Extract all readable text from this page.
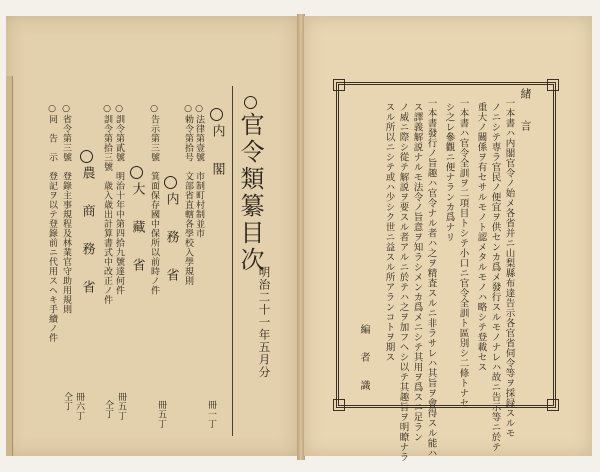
官令類纂目次
明治二十一年五月分
内　閣
○法律第壹號　市制町村制並市
○勅令第拾号　文部省直轄各學校入學規則
冊一丁
内　務　省
○告示第三號　箕面保存國中保所以前時ノ件
冊五丁
大　藏　省
○訓令第貳號　明治十年中第四拾九號達何件
○訓令第拾三號　歳入歳出計算書式中改正ノ件
冊五丁
仝丁
農　商　務　省
○省令第三號　登錄主事規程及林業官守助用規則
○同　告　示　登記ヲ以テ登錄前ニ代用スヘキ手續ノ件
冊六丁
仝丁
緒　言
一本書ハ内閣官令ノ始メ各省并ニ山梨縣布達告示各官省伺令等ヲ採録スルモ
ノニシテ専ラ官民ノ便宜ヲ供センカ爲メ發行スルモノナレハ故ニ告示等ニ於テ
重大ノ關係ヲ有セサルモノト認メタルモノハ略シテ登載セス
一本書ハ官令全訓ヲ二項目トシテ小口ニ官令全訓ト區別シ二條トナセ
シ之レ參觀ニ便ナランカ爲ナリ
一本書發行ノ旨趣ハ官令ナル者ハ之ヲ精査スルニ非ラサレハ其旨ヲ會得スル能ハ
ス譯義解説ナルモ法令ノ旨意ヲ知ラシメンカ爲メニシテ其用ヲ爲スニ足ラン
ノ威ニ際シ從テ解説ヲ要スル者アルニ於テハ之ヲ加フヘシ以テ其趣旨ヲ明瞭ナラ
スル所以ニシテ或ハ少シク世ニ益スル所アランコトヲ期ス
編　者　識
